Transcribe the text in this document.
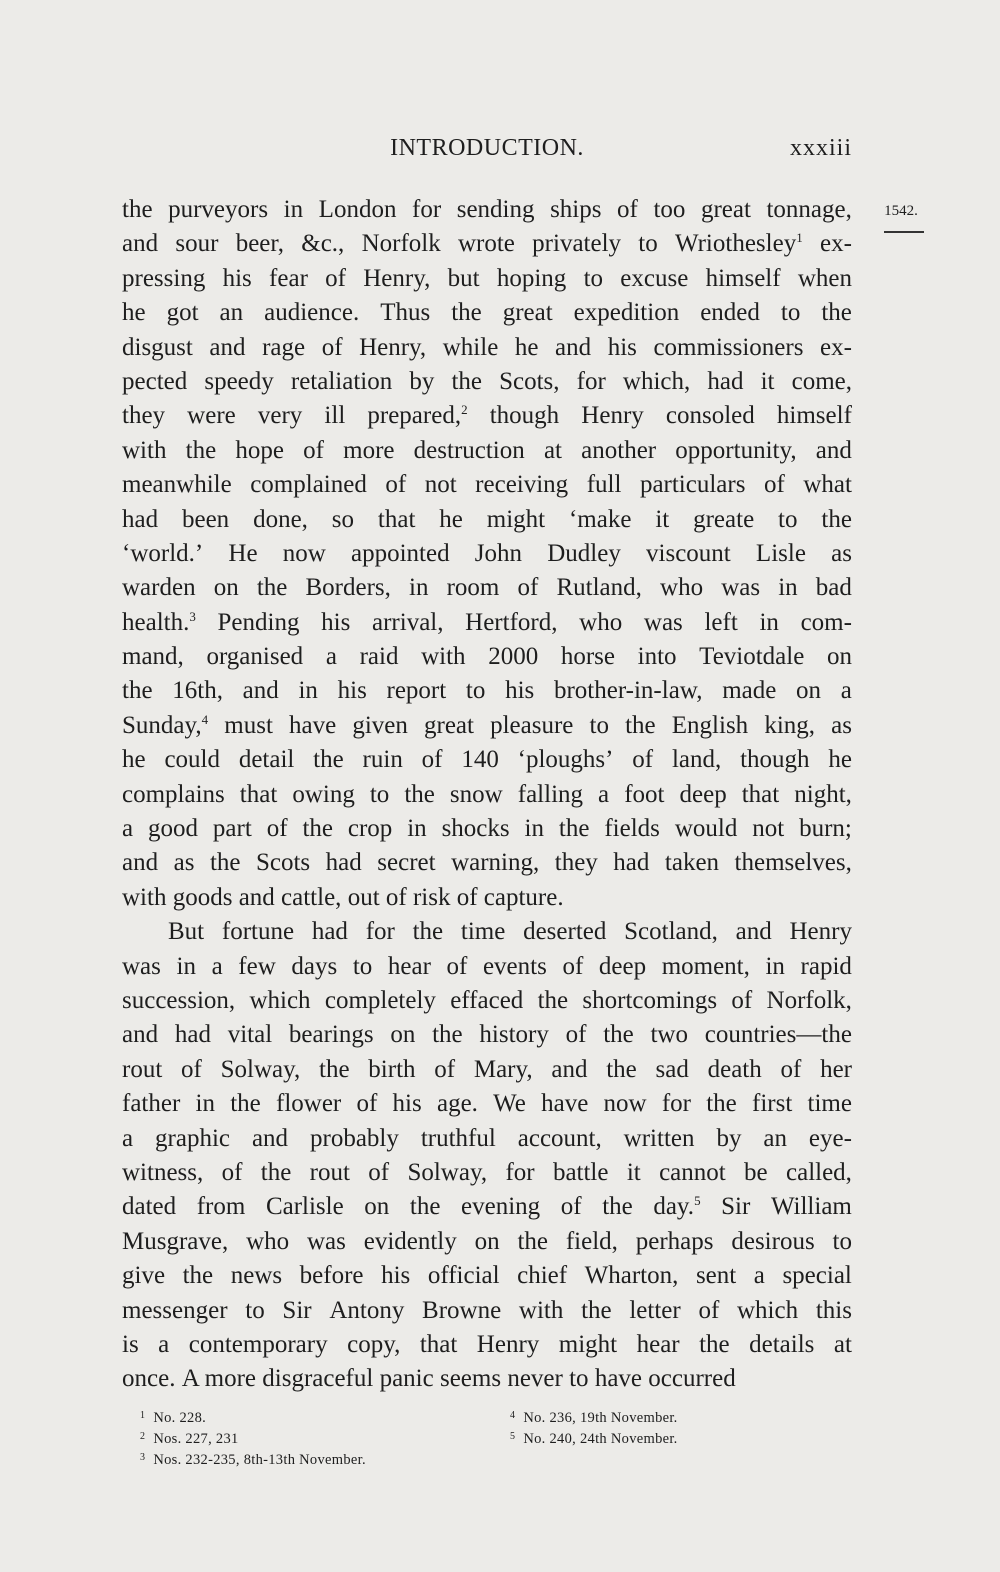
INTRODUCTION.	xxxiii
1542.
the purveyors in London for sending ships of too great tonnage,
and sour beer, &c., Norfolk wrote privately to Wriothesley$^1$ ex-
pressing his fear of Henry, but hoping to excuse himself when
he got an audience. Thus the great expedition ended to the
disgust and rage of Henry, while he and his commissioners ex-
pected speedy retaliation by the Scots, for which, had it come,
they were very ill prepared,$^2$ though Henry consoled himself
with the hope of more destruction at another opportunity, and
meanwhile complained of not receiving full particulars of what
had been done, so that he might ‘make it greate to the
‘world.’ He now appointed John Dudley viscount Lisle as
warden on the Borders, in room of Rutland, who was in bad
health.$^3$ Pending his arrival, Hertford, who was left in com-
mand, organised a raid with 2000 horse into Teviotdale on
the 16th, and in his report to his brother-in-law, made on a
Sunday,$^4$ must have given great pleasure to the English king, as
he could detail the ruin of 140 ‘ploughs’ of land, though he
complains that owing to the snow falling a foot deep that night,
a good part of the crop in shocks in the fields would not burn;
and as the Scots had secret warning, they had taken themselves,
with goods and cattle, out of risk of capture.
But fortune had for the time deserted Scotland, and Henry
was in a few days to hear of events of deep moment, in rapid
succession, which completely effaced the shortcomings of Norfolk,
and had vital bearings on the history of the two countries—the
rout of Solway, the birth of Mary, and the sad death of her
father in the flower of his age. We have now for the first time
a graphic and probably truthful account, written by an eye-
witness, of the rout of Solway, for battle it cannot be called,
dated from Carlisle on the evening of the day.$^5$ Sir William
Musgrave, who was evidently on the field, perhaps desirous to
give the news before his official chief Wharton, sent a special
messenger to Sir Antony Browne with the letter of which this
is a contemporary copy, that Henry might hear the details at
once. A more disgraceful panic seems never to have occurred
$^1$ No. 228.
$^2$ Nos. 227, 231
$^3$ Nos. 232-235, 8th-13th November.
$^4$ No. 236, 19th November.
$^5$ No. 240, 24th November.
